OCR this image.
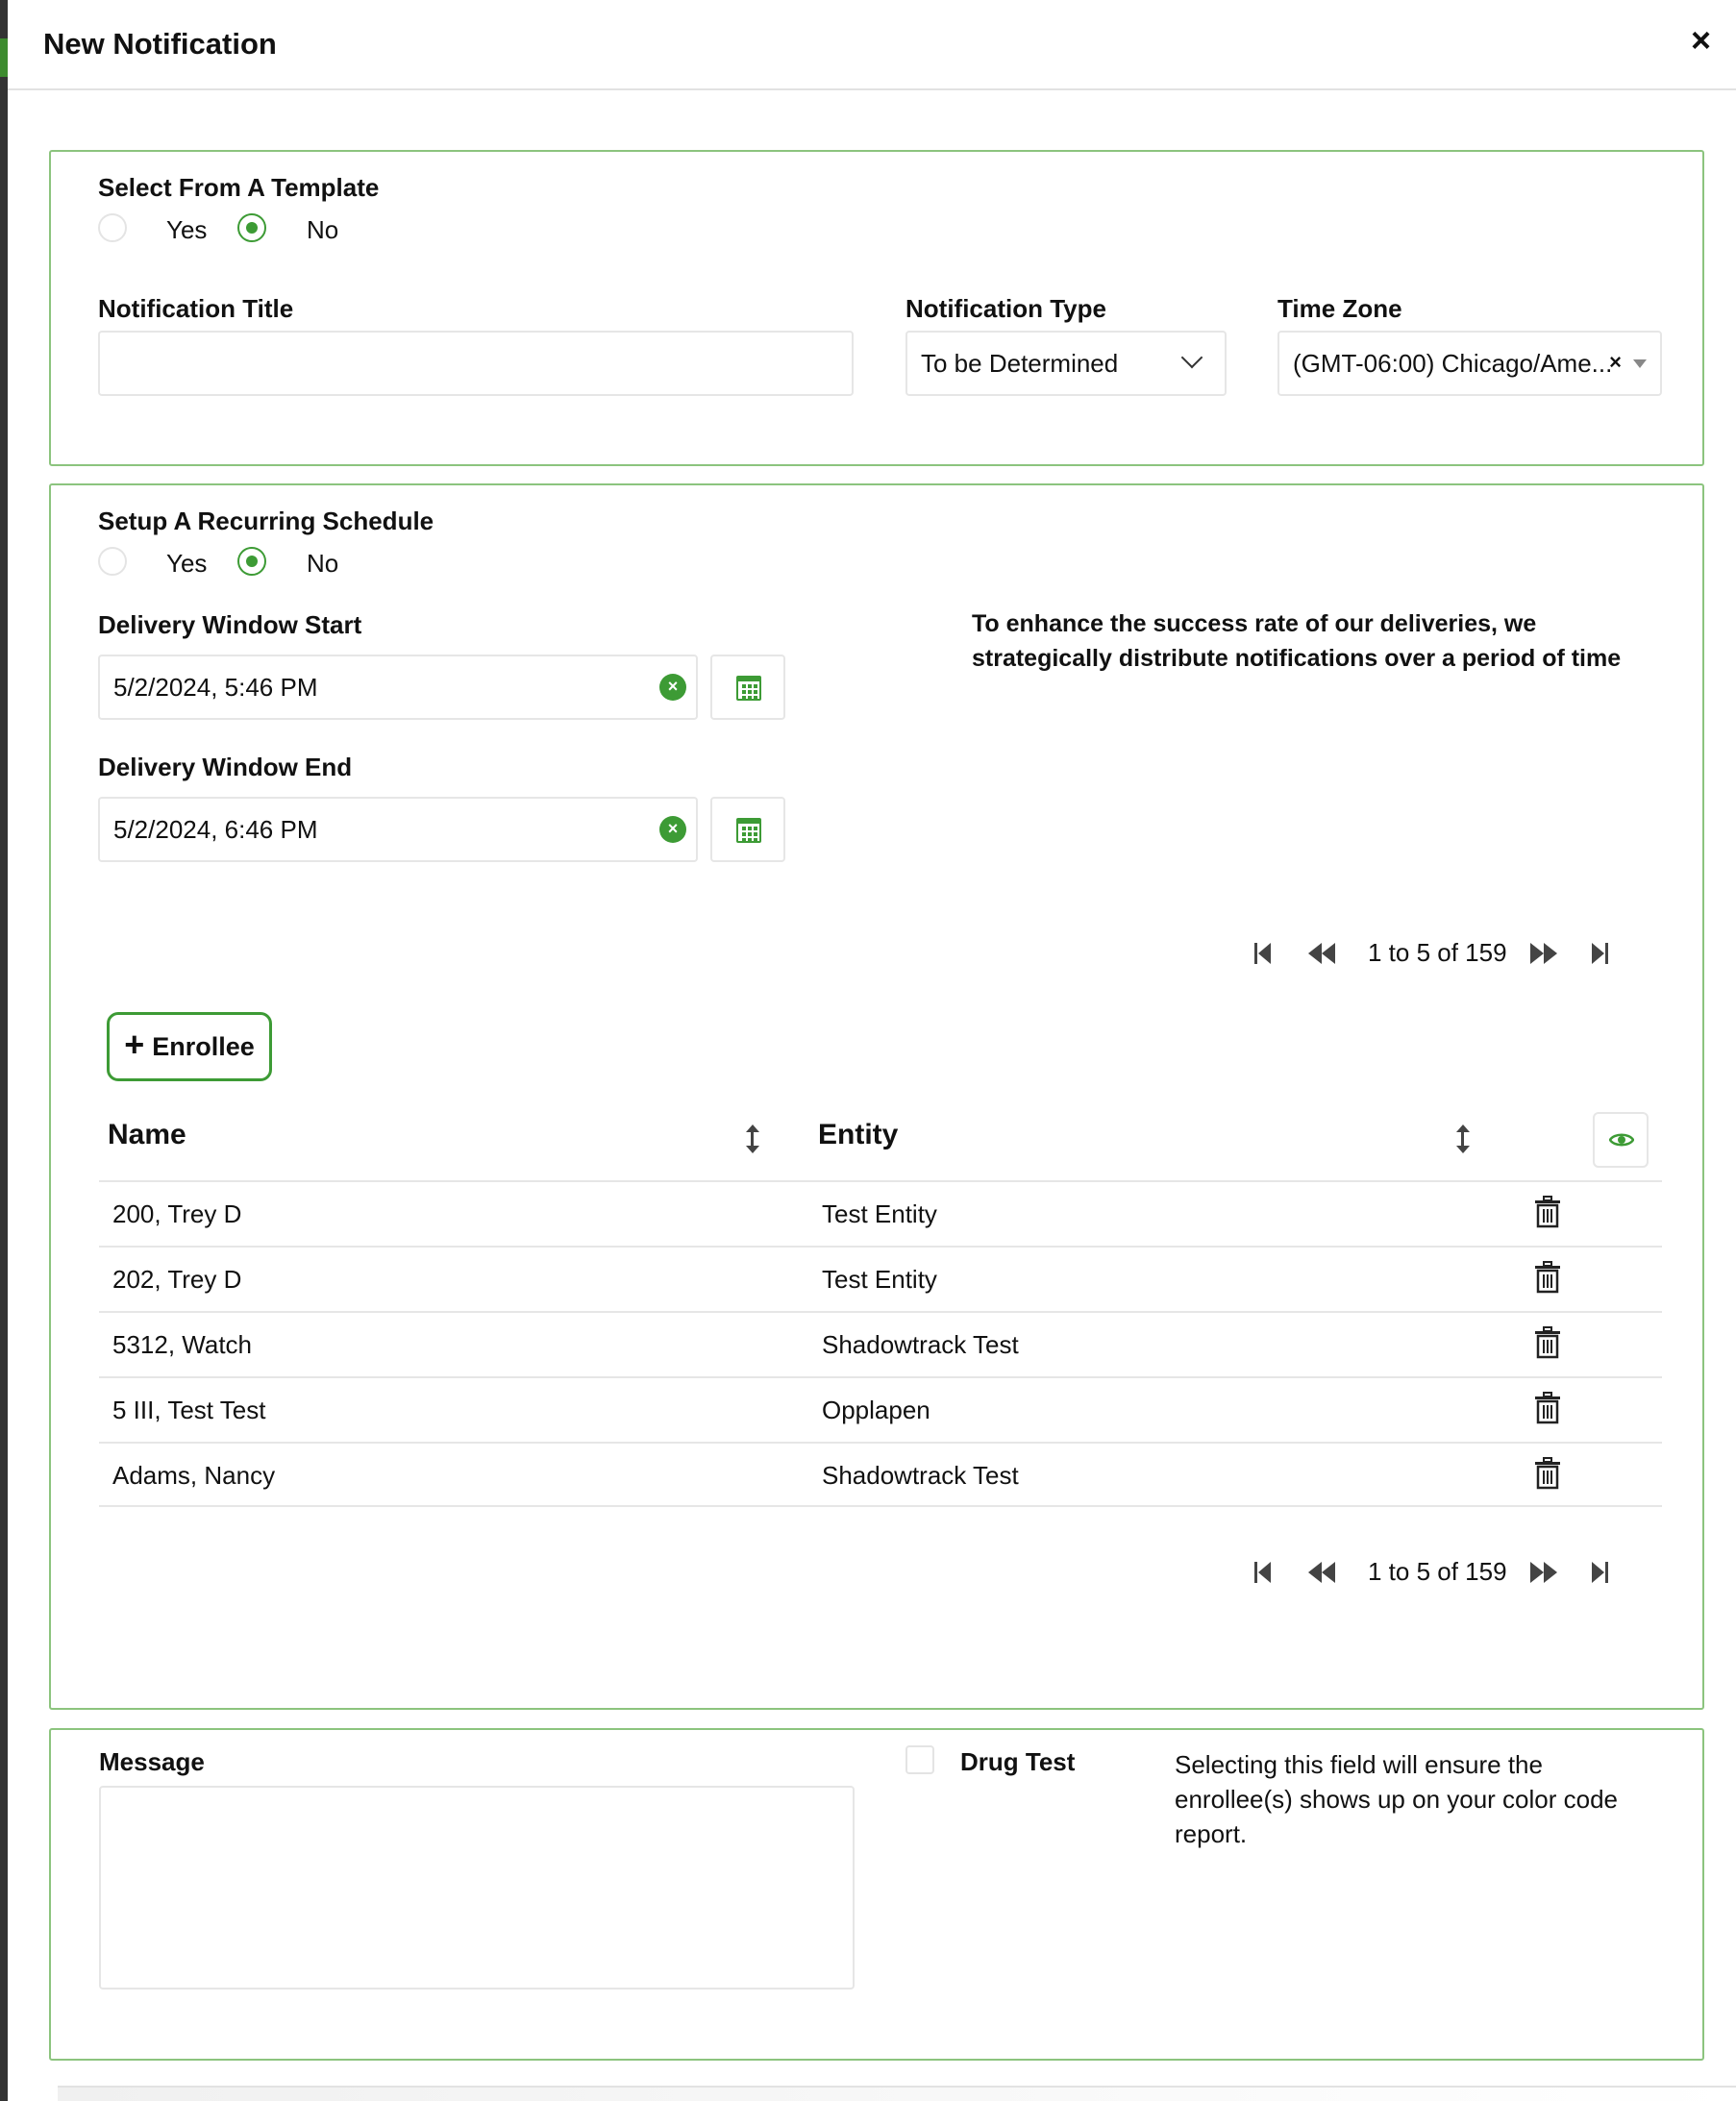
New Notification	×
Select From A Template
Yes	No
Notification Title	Notification Type
To be Determined
Time Zone
(GMT-06:00) Chicago/Ame...
×
Setup A Recurring Schedule
Yes	No
Delivery Window Start
5/2/2024, 5:46 PM	×
Delivery Window End
5/2/2024, 6:46 PM	×
To enhance the success rate of our deliveries, we
strategically distribute notifications over a period of time
1 to 5 of 159
+ Enrollee
Name	Entity
200, Trey D	Test Entity
202, Trey D	Test Entity
5312, Watch	Shadowtrack Test
5 III, Test Test	Opplapen
Adams, Nancy	Shadowtrack Test
1 to 5 of 159
Message	Drug Test	Selecting this field will ensure the
enrollee(s) shows up on your color code
report.
